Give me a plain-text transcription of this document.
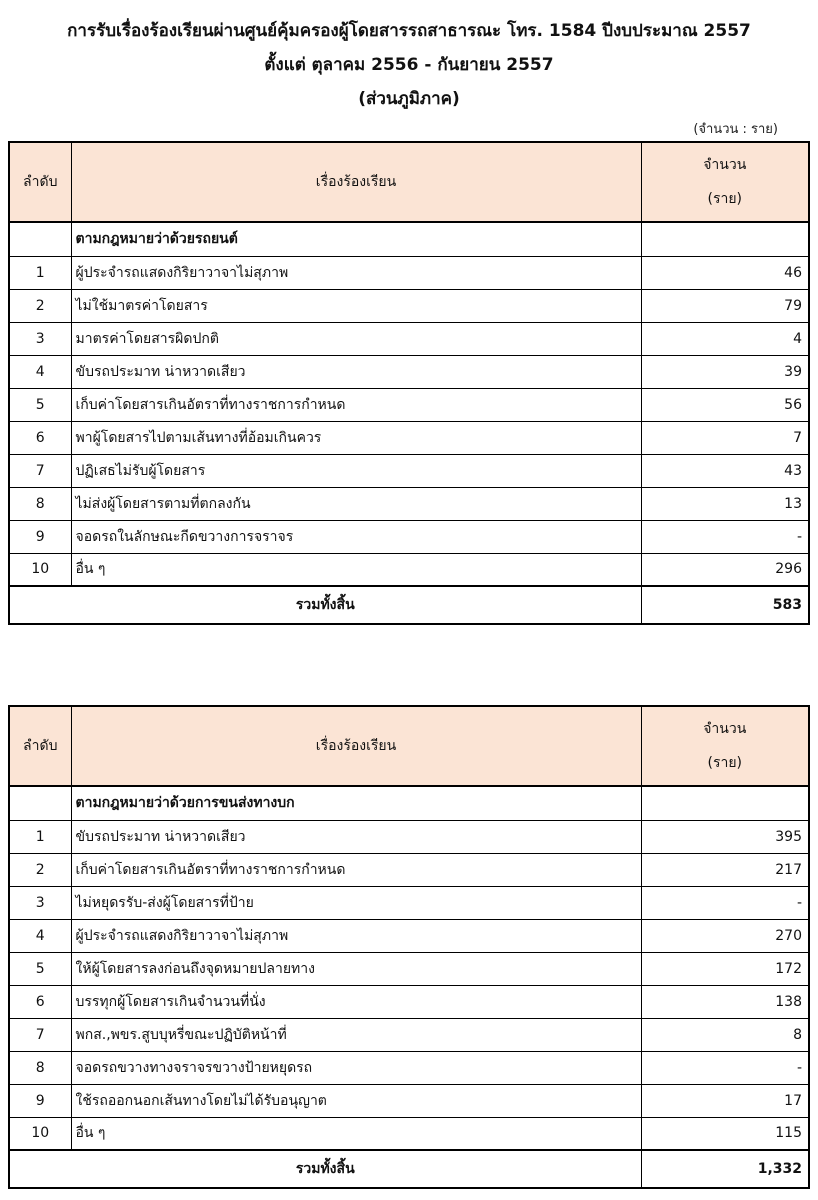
การรับเรื่องร้องเรียนผ่านศูนย์คุ้มครองผู้โดยสารรถสาธารณะ โทร. 1584 ปีงบประมาณ 2557
ตั้งแต่ ตุลาคม 2556 - กันยายน 2557
(ส่วนภูมิภาค)
(จำนวน : ราย)
ลำดับ	เรื่องร้องเรียน	จำนวน
(ราย)

	ตามกฎหมายว่าด้วยรถยนต์	
1	ผู้ประจำรถแสดงกิริยาวาจาไม่สุภาพ	46
2	ไม่ใช้มาตรค่าโดยสาร	79
3	มาตรค่าโดยสารผิดปกติ	4
4	ขับรถประมาท น่าหวาดเสียว	39
5	เก็บค่าโดยสารเกินอัตราที่ทางราชการกำหนด	56
6	พาผู้โดยสารไปตามเส้นทางที่อ้อมเกินควร	7
7	ปฏิเสธไม่รับผู้โดยสาร	43
8	ไม่ส่งผู้โดยสารตามที่ตกลงกัน	13
9	จอดรถในลักษณะกีดขวางการจราจร	-
10	อื่น ๆ	296
รวมทั้งสิ้น		583
ลำดับ	เรื่องร้องเรียน	จำนวน
(ราย)

	ตามกฎหมายว่าด้วยการขนส่งทางบก	
1	ขับรถประมาท น่าหวาดเสียว	395
2	เก็บค่าโดยสารเกินอัตราที่ทางราชการกำหนด	217
3	ไม่หยุดรรับ-ส่งผู้โดยสารที่ป้าย	-
4	ผู้ประจำรถแสดงกิริยาวาจาไม่สุภาพ	270
5	ให้ผู้โดยสารลงก่อนถึงจุดหมายปลายทาง	172
6	บรรทุกผู้โดยสารเกินจำนวนที่นั่ง	138
7	พกส.,พขร.สูบบุหรี่ขณะปฏิบัติหน้าที่	8
8	จอดรถขวางทางจราจรขวางป้ายหยุดรถ	-
9	ใช้รถออกนอกเส้นทางโดยไม่ได้รับอนุญาต	17
10	อื่น ๆ	115
รวมทั้งสิ้น		1,332
